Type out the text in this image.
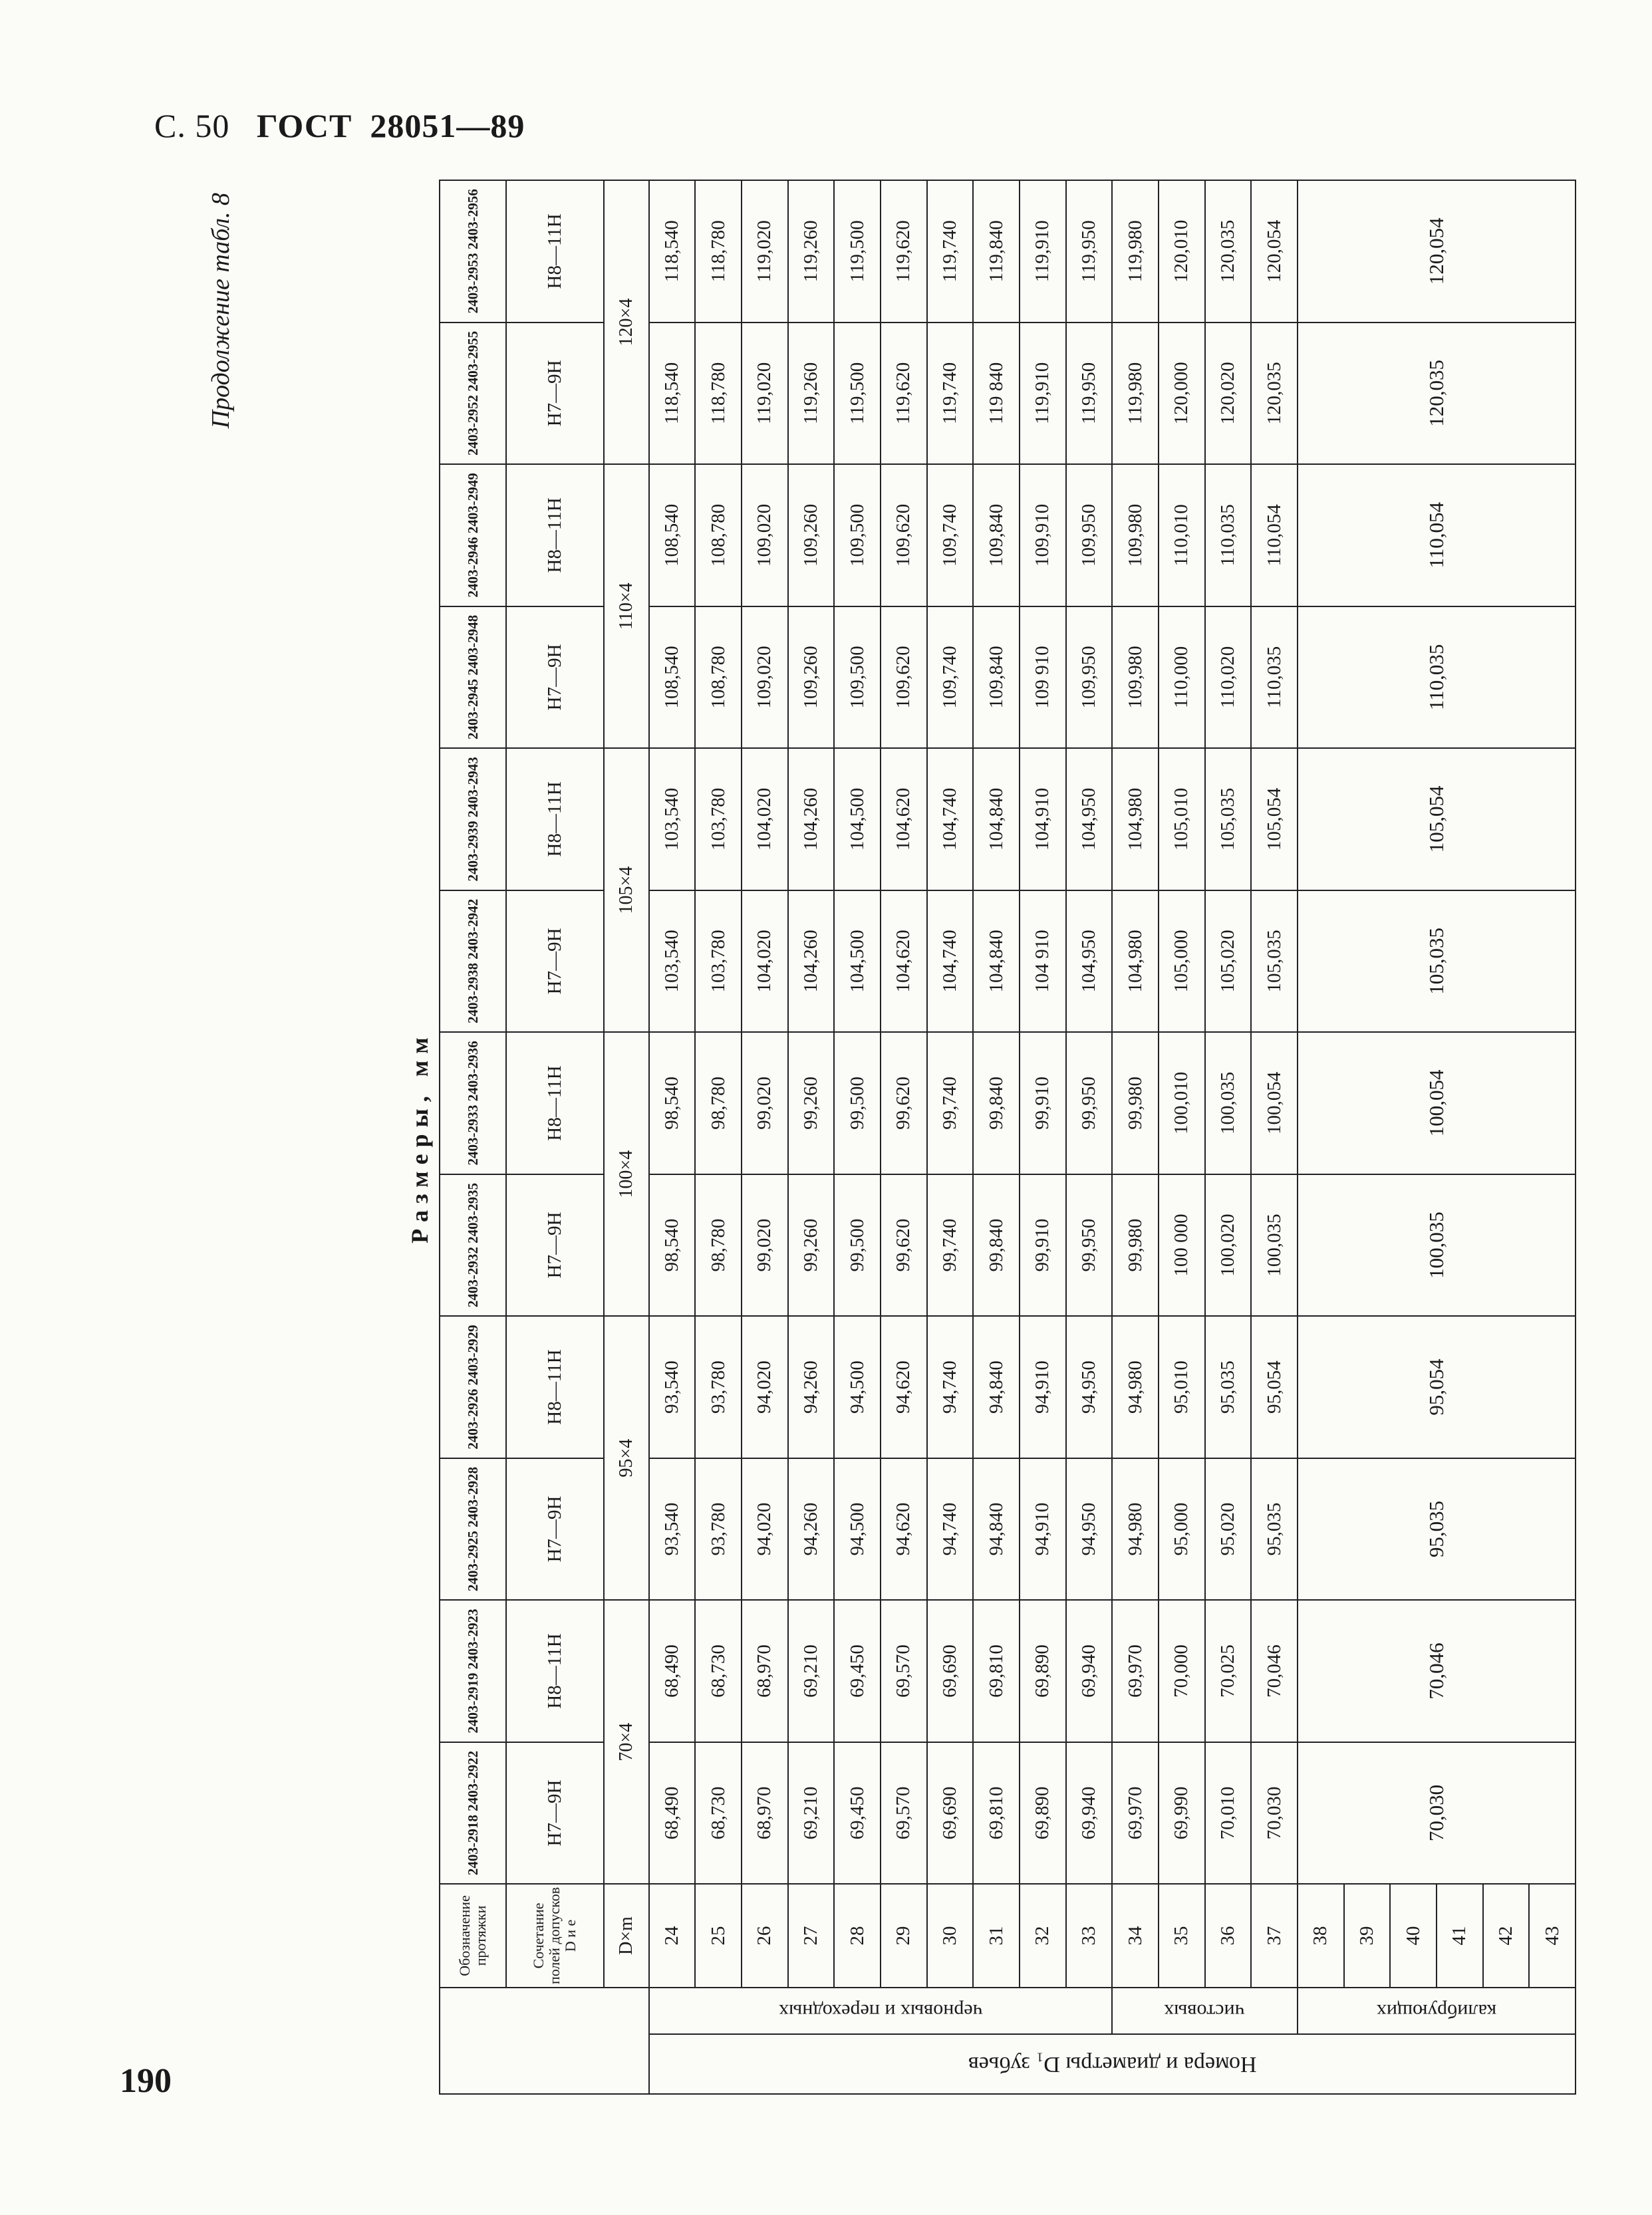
С. 50 ГОСТ  28051—89
Продолжение табл. 8
Размеры, мм
		Обозначение протяжки	2403-2918 2403-2922	2403-2919 2403-2923	2403-2925 2403-2928	2403-2926 2403-2929	2403-2932 2403-2935	2403-2933 2403-2936	2403-2938 2403-2942	2403-2939 2403-2943	2403-2945 2403-2948	2403-2946 2403-2949	2403-2952 2403-2955	2403-2953 2403-2956
		Сочетание полей допусков D и e	H7—9H	H8—11H	H7—9H	H8—11H	H7—9H	H8—11H	H7—9H	H8—11H	H7—9H	H8—11H	H7—9H	H8—11H
		D×m	70×4		95×4		100×4		105×4		110×4		120×4	
Номера и диаметры D₁ зубьев	черновых и переходных	24	68,490	68,490	93,540	93,540	98,540	98,540	103,540	103,540	108,540	108,540	118,540	118,540
		25	68,730	68,730	93,780	93,780	98,780	98,780	103,780	103,780	108,780	108,780	118,780	118,780
		26	68,970	68,970	94,020	94,020	99,020	99,020	104,020	104,020	109,020	109,020	119,020	119,020
		27	69,210	69,210	94,260	94,260	99,260	99,260	104,260	104,260	109,260	109,260	119,260	119,260
		28	69,450	69,450	94,500	94,500	99,500	99,500	104,500	104,500	109,500	109,500	119,500	119,500
		29	69,570	69,570	94,620	94,620	99,620	99,620	104,620	104,620	109,620	109,620	119,620	119,620
		30	69,690	69,690	94,740	94,740	99,740	99,740	104,740	104,740	109,740	109,740	119,740	119,740
		31	69,810	69,810	94,840	94,840	99,840	99,840	104,840	104,840	109,840	109,840	119 840	119,840
		32	69,890	69,890	94,910	94,910	99,910	99,910	104 910	104,910	109 910	109,910	119,910	119,910
		33	69,940	69,940	94,950	94,950	99,950	99,950	104,950	104,950	109,950	109,950	119,950	119,950
	чистовых	34	69,970	69,970	94,980	94,980	99,980	99,980	104,980	104,980	109,980	109,980	119,980	119,980
		35	69,990	70,000	95,000	95,010	100 000	100,010	105,000	105,010	110,000	110,010	120,000	120,010
		36	70,010	70,025	95,020	95,035	100,020	100,035	105,020	105,035	110,020	110,035	120,020	120,035
		37	70,030	70,046	95,035	95,054	100,035	100,054	105,035	105,054	110,035	110,054	120,035	120,054
	калибрующих	38	70,030	70,046	95,035	95,054	100,035	100,054	105,035	105,054	110,035	110,054	120,035	120,054
		39												
		40												
		41												
		42												
		43												
190
